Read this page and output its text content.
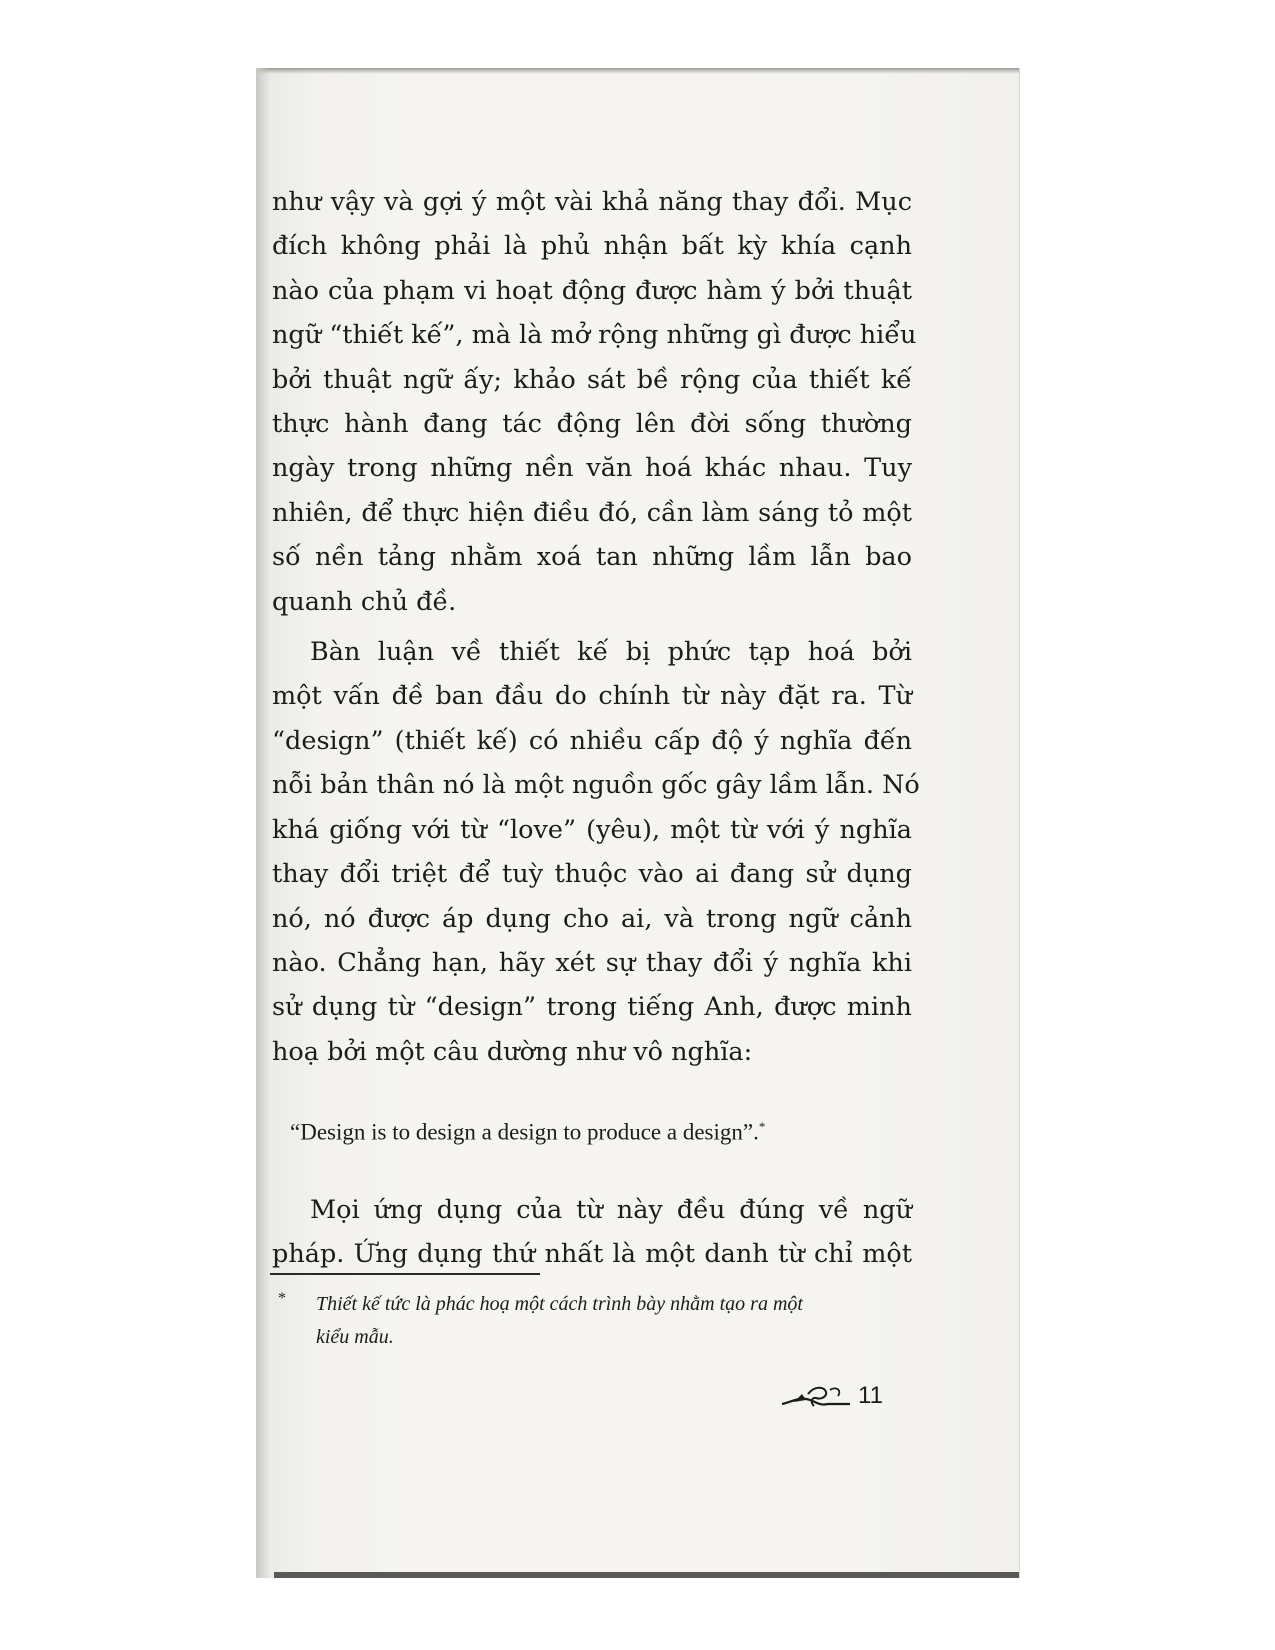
như vậy và gợi ý một vài khả năng thay đổi. Mục
đích không phải là phủ nhận bất kỳ khía cạnh
nào của phạm vi hoạt động được hàm ý bởi thuật
ngữ “thiết kế”, mà là mở rộng những gì được hiểu
bởi thuật ngữ ấy; khảo sát bề rộng của thiết kế
thực hành đang tác động lên đời sống thường
ngày trong những nền văn hoá khác nhau. Tuy
nhiên, để thực hiện điều đó, cần làm sáng tỏ một
số nền tảng nhằm xoá tan những lầm lẫn bao
quanh chủ đề.

Bàn luận về thiết kế bị phức tạp hoá bởi
một vấn đề ban đầu do chính từ này đặt ra. Từ
“design” (thiết kế) có nhiều cấp độ ý nghĩa đến
nỗi bản thân nó là một nguồn gốc gây lầm lẫn. Nó
khá giống với từ “love” (yêu), một từ với ý nghĩa
thay đổi triệt để tuỳ thuộc vào ai đang sử dụng
nó, nó được áp dụng cho ai, và trong ngữ cảnh
nào. Chẳng hạn, hãy xét sự thay đổi ý nghĩa khi
sử dụng từ “design” trong tiếng Anh, được minh
hoạ bởi một câu dường như vô nghĩa:

“Design is to design a design to produce a design”.*

Mọi ứng dụng của từ này đều đúng về ngữ
pháp. Ứng dụng thứ nhất là một danh từ chỉ một

*	Thiết kế tức là phác hoạ một cách trình bày nhằm tạo ra một
kiểu mẫu.
11
